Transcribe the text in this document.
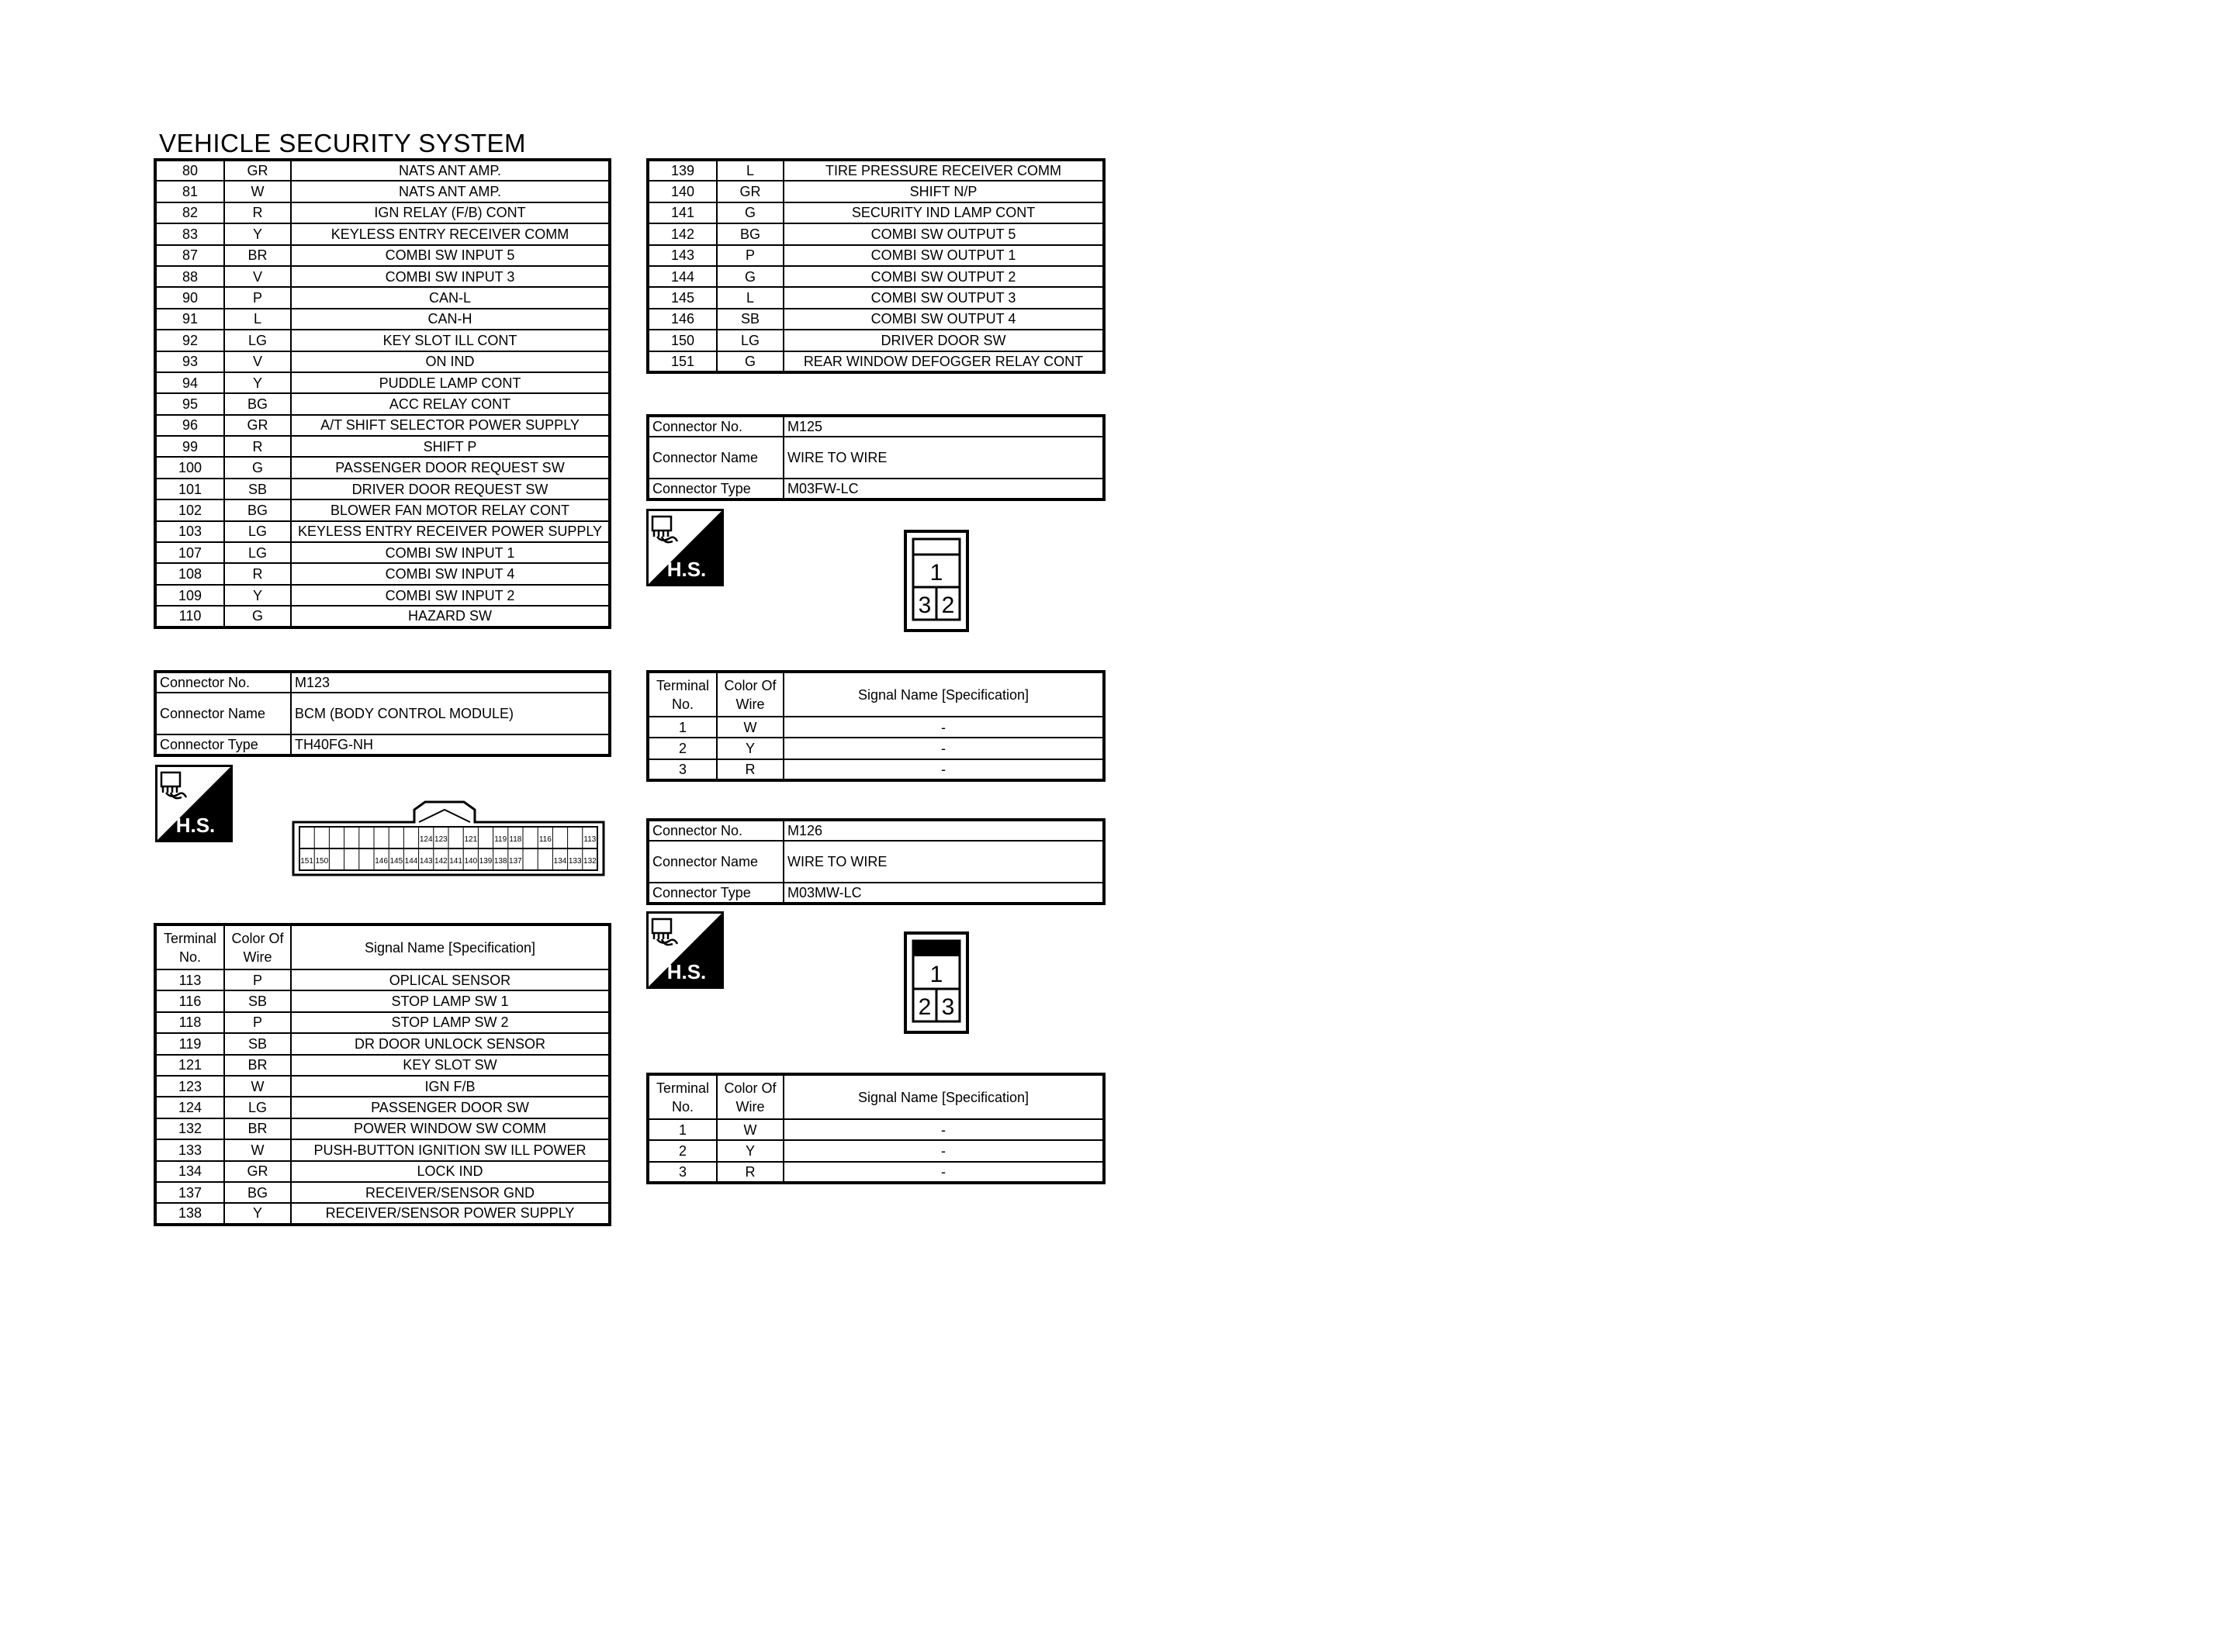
VEHICLE SECURITY SYSTEM
80	GR	NATS ANT AMP.
81	W	NATS ANT AMP.
82	R	IGN RELAY (F/B) CONT
83	Y	KEYLESS ENTRY RECEIVER COMM
87	BR	COMBI SW INPUT 5
88	V	COMBI SW INPUT 3
90	P	CAN-L
91	L	CAN-H
92	LG	KEY SLOT ILL CONT
93	V	ON IND
94	Y	PUDDLE LAMP CONT
95	BG	ACC RELAY CONT
96	GR	A/T SHIFT SELECTOR POWER SUPPLY
99	R	SHIFT P
100	G	PASSENGER DOOR REQUEST SW
101	SB	DRIVER DOOR REQUEST SW
102	BG	BLOWER FAN MOTOR RELAY CONT
103	LG	KEYLESS ENTRY RECEIVER POWER SUPPLY
107	LG	COMBI SW INPUT 1
108	R	COMBI SW INPUT 4
109	Y	COMBI SW INPUT 2
110	G	HAZARD SW
139	L	TIRE PRESSURE RECEIVER COMM
140	GR	SHIFT N/P
141	G	SECURITY IND LAMP CONT
142	BG	COMBI SW OUTPUT 5
143	P	COMBI SW OUTPUT 1
144	G	COMBI SW OUTPUT 2
145	L	COMBI SW OUTPUT 3
146	SB	COMBI SW OUTPUT 4
150	LG	DRIVER DOOR SW
151	G	REAR WINDOW DEFOGGER RELAY CONT
Connector No.	M125
Connector Name	WIRE TO WIRE
Connector Type	M03FW-LC
H.S.	1
3 2
Terminal No.	Color Of Wire	Signal Name [Specification]
1	W	-
2	Y	-
3	R	-
Connector No.	M126
Connector Name	WIRE TO WIRE
Connector Type	M03MW-LC
H.S.	1
2 3
Terminal No.	Color Of Wire	Signal Name [Specification]
1	W	-
2	Y	-
3	R	-
Connector No.	M123
Connector Name	BCM (BODY CONTROL MODULE)
Connector Type	TH40FG-NH
H.S.
124 123 121 119 118 116	113
151 150	146 145 144 143 142 141 140 139 138 137	134 133 132
Terminal No.	Color Of Wire	Signal Name [Specification]
113	P	OPLICAL SENSOR
116	SB	STOP LAMP SW 1
118	P	STOP LAMP SW 2
119	SB	DR DOOR UNLOCK SENSOR
121	BR	KEY SLOT SW
123	W	IGN F/B
124	LG	PASSENGER DOOR SW
132	BR	POWER WINDOW SW COMM
133	W	PUSH-BUTTON IGNITION SW ILL POWER
134	GR	LOCK IND
137	BG	RECEIVER/SENSOR GND
138	Y	RECEIVER/SENSOR POWER SUPPLY
